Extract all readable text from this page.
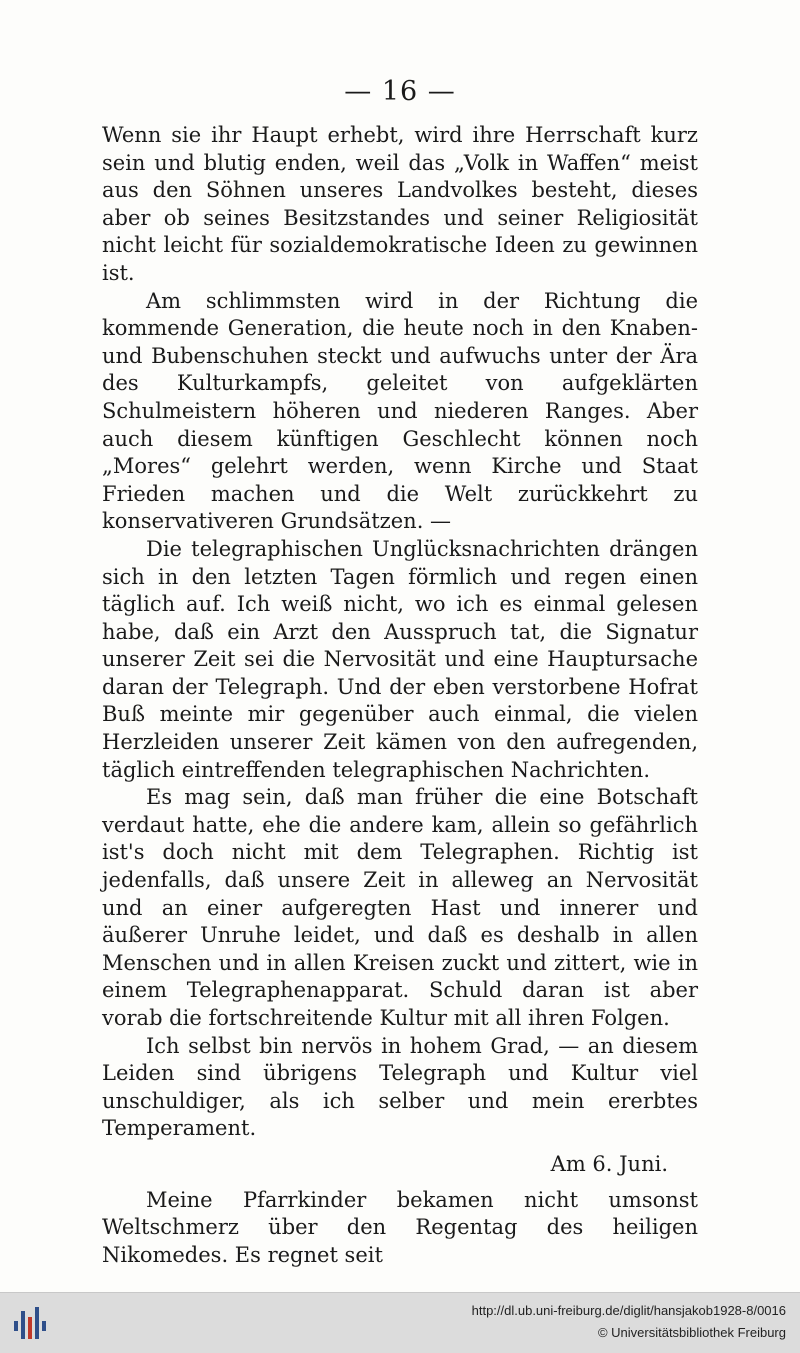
— 16 —

Wenn sie ihr Haupt erhebt, wird ihre Herrschaft kurz sein und blutig enden, weil das „Volk in Waffen“ meist aus den Söhnen unseres Landvolkes besteht, dieses aber ob seines Besitzstandes und seiner Religiosität nicht leicht für sozialdemokratische Ideen zu gewinnen ist.

Am schlimmsten wird in der Richtung die kommende Generation, die heute noch in den Knaben- und Bubenschuhen steckt und aufwuchs unter der Ära des Kulturkampfs, geleitet von aufgeklärten Schulmeistern höheren und niederen Ranges. Aber auch diesem künftigen Geschlecht können noch „Mores“ gelehrt werden, wenn Kirche und Staat Frieden machen und die Welt zurückkehrt zu konservativeren Grundsätzen. —

Die telegraphischen Unglücksnachrichten drängen sich in den letzten Tagen förmlich und regen einen täglich auf. Ich weiß nicht, wo ich es einmal gelesen habe, daß ein Arzt den Ausspruch tat, die Signatur unserer Zeit sei die Nervosität und eine Hauptursache daran der Telegraph. Und der eben verstorbene Hofrat Buß meinte mir gegenüber auch einmal, die vielen Herzleiden unserer Zeit kämen von den aufregenden, täglich eintreffenden telegraphischen Nachrichten.

Es mag sein, daß man früher die eine Botschaft verdaut hatte, ehe die andere kam, allein so gefährlich ist's doch nicht mit dem Telegraphen. Richtig ist jedenfalls, daß unsere Zeit in alleweg an Nervosität und an einer aufgeregten Hast und innerer und äußerer Unruhe leidet, und daß es deshalb in allen Menschen und in allen Kreisen zuckt und zittert, wie in einem Telegraphenapparat. Schuld daran ist aber vorab die fortschreitende Kultur mit all ihren Folgen.

Ich selbst bin nervös in hohem Grad, — an diesem Leiden sind übrigens Telegraph und Kultur viel unschuldiger, als ich selber und mein ererbtes Temperament.

Am 6. Juni.

Meine Pfarrkinder bekamen nicht umsonst Weltschmerz über den Regentag des heiligen Nikomedes. Es regnet seit

http://dl.ub.uni-freiburg.de/diglit/hansjakob1928-8/0016
© Universitätsbibliothek Freiburg
